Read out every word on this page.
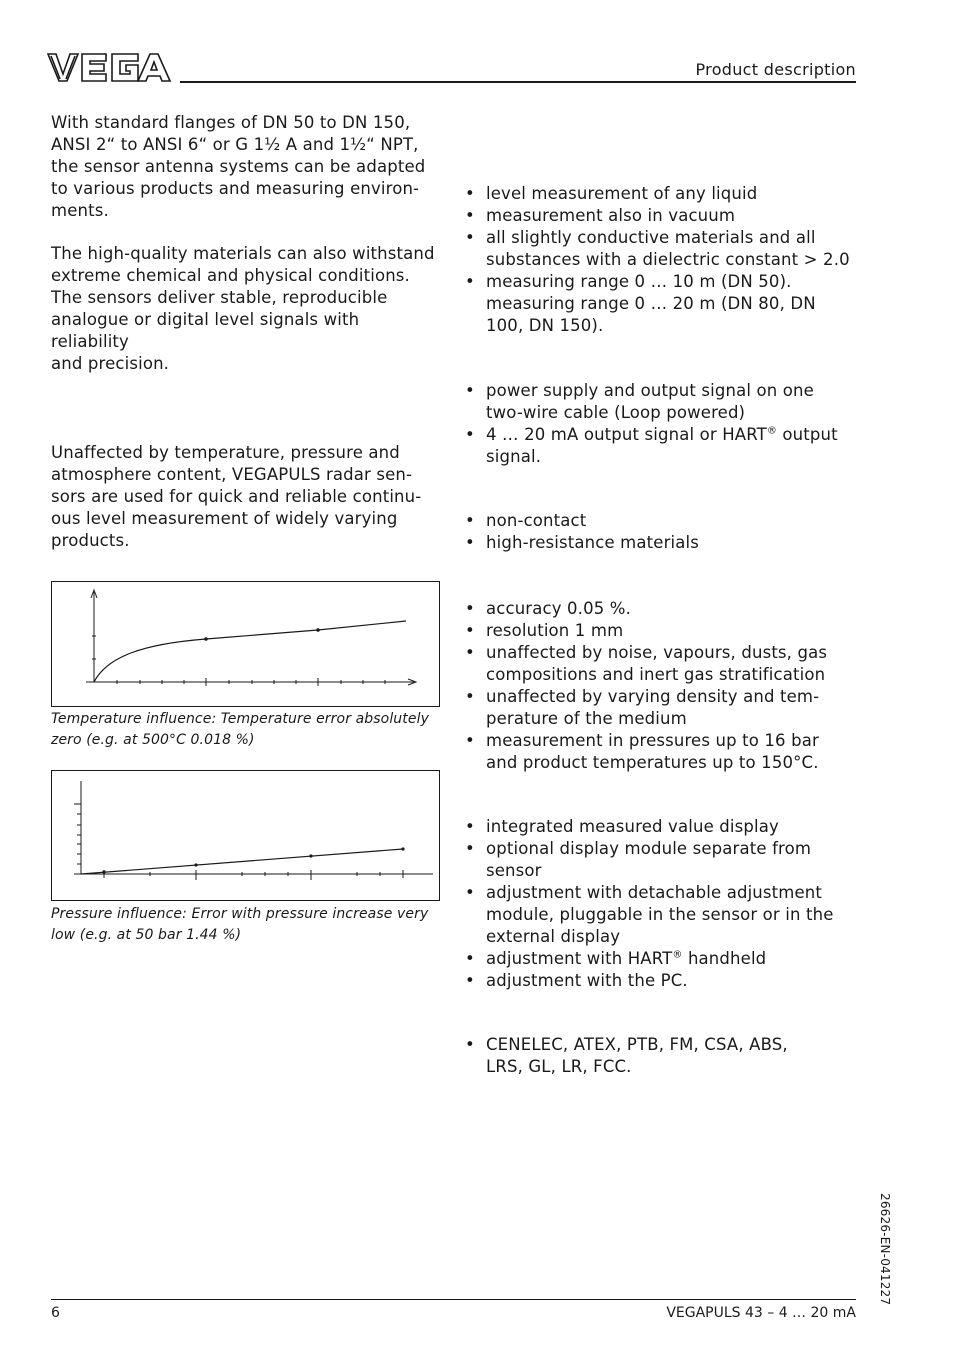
Product description
With standard flanges of DN 50 to DN 150,
ANSI 2“ to ANSI 6“ or G 1½ A and 1½“ NPT,
the sensor antenna systems can be adapted
to various products and measuring environ-
ments.
The high-quality materials can also withstand
extreme chemical and physical conditions.
The sensors deliver stable, reproducible
analogue or digital level signals with reliability
and precision.
Unaffected by temperature, pressure and
atmosphere content, VEGAPULS radar sen-
sors are used for quick and reliable continu-
ous level measurement of widely varying
products.
Temperature influence: Temperature error absolutely
zero (e.g. at 500°C 0.018 %)
Pressure influence: Error with pressure increase very
low (e.g. at 50 bar 1.44 %)
• level measurement of any liquid
• measurement also in vacuum
• all slightly conductive materials and all
substances with a dielectric constant > 2.0
• measuring range 0 … 10 m (DN 50).
measuring range 0 … 20 m (DN 80, DN
100, DN 150).
• power supply and output signal on one
two-wire cable (Loop powered)
• 4 … 20 mA output signal or HART® output
signal.
• non-contact
• high-resistance materials
• accuracy 0.05 %.
• resolution 1 mm
• unaffected by noise, vapours, dusts, gas
compositions and inert gas stratification
• unaffected by varying density and tem-
perature of the medium
• measurement in pressures up to 16 bar
and product temperatures up to 150°C.
• integrated measured value display
• optional display module separate from
sensor
• adjustment with detachable adjustment
module, pluggable in the sensor or in the
external display
• adjustment with HART® handheld
• adjustment with the PC.
• CENELEC, ATEX, PTB, FM, CSA, ABS,
LRS, GL, LR, FCC.
26626-EN-041227
6	VEGAPULS 43 – 4 … 20 mA
